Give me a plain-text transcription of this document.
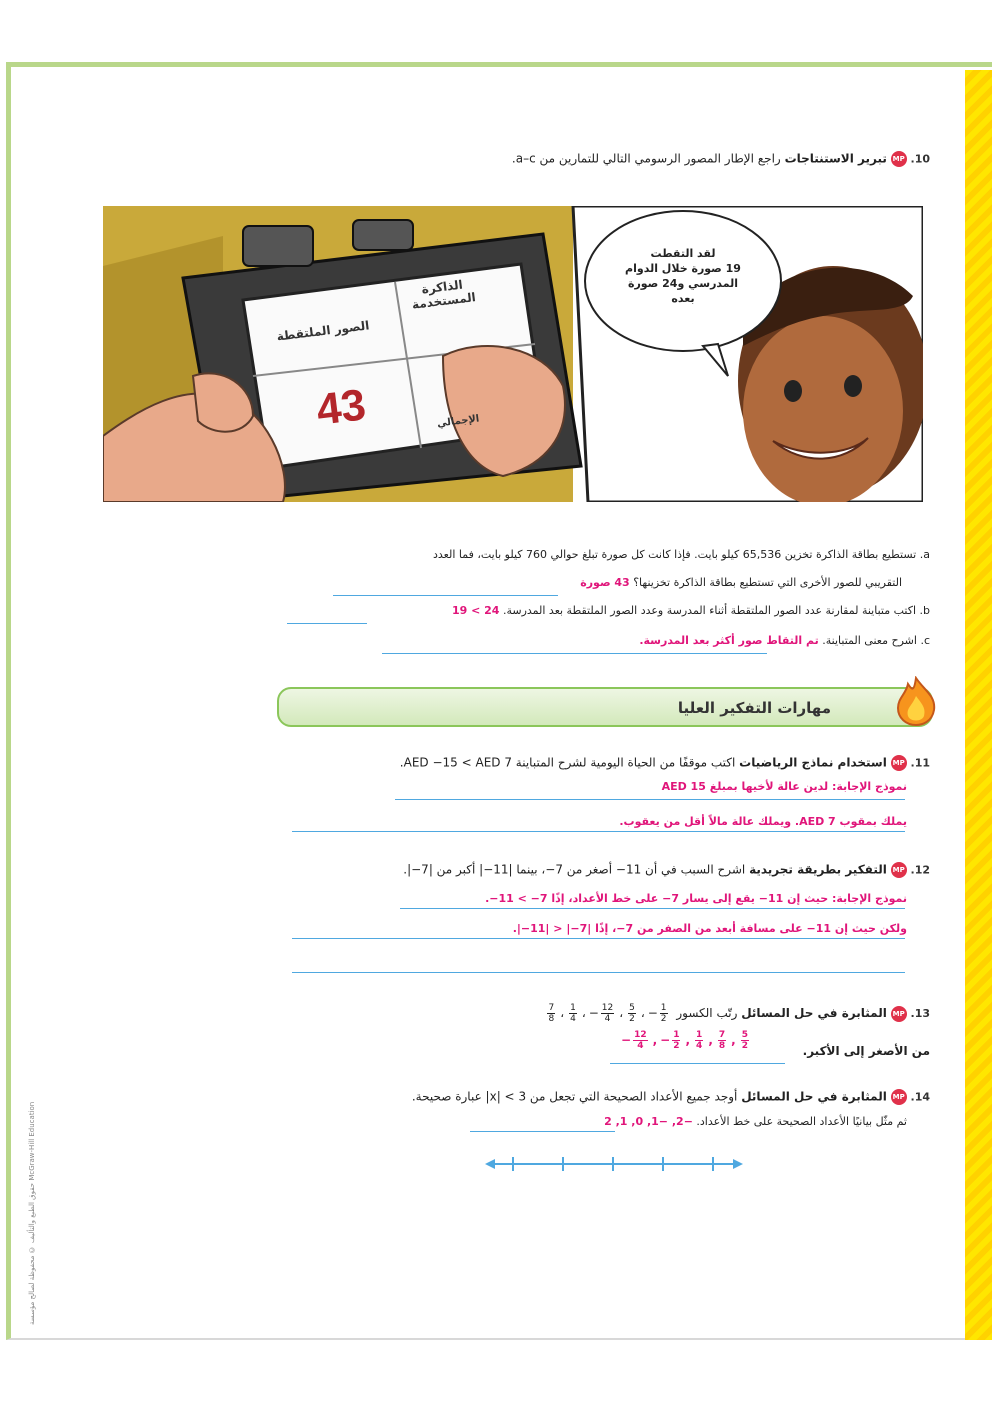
10. MP تبرير الاستنتاجات راجع الإطار المصور الرسومي التالي للتمارين من a–c.
43
الذاكرة المستخدمة
الصور الملتقطة
الإجمالي
لقد التقطت
19 صورة خلال الدوام
المدرسي و24 صورة
بعده
a. تستطيع بطاقة الذاكرة تخزين 65,536 كيلو بايت. فإذا كانت كل صورة تبلغ حوالي 760 كيلو بايت، فما العدد
التقريبي للصور الأخرى التي تستطيع بطاقة الذاكرة تخزينها؟ 43 صورة
b. اكتب متباينة لمقارنة عدد الصور الملتقطة أثناء المدرسة وعدد الصور الملتقطة بعد المدرسة. 24 > 19
c. اشرح معنى المتباينة. تم التقاط صور أكثر بعد المدرسة.
مهارات التفكير العليا
11. MP استخدام نماذج الرياضيات اكتب موقفًا من الحياة اليومية لشرح المتباينة AED −15 < AED 7.
نموذج الإجابة: لدين عالة لأخيها بمبلغ AED 15
يملك بمقوب AED 7. ويملك عالة مالاً أقل من يعقوب.
12. MP التفكير بطريقة تجريدية اشرح السبب في أن 11− أصغر من 7−، بينما |11−| أكبر من |7−|.
نموذج الإجابة: حيث إن 11− يقع إلى يسار 7− على خط الأعداد، إذًا 7− > 11−.
ولكن حيث إن 11− على مسافة أبعد من الصفر من 7−، إذًا |7−| < |11−|.
13. MP المثابرة في حل المسائل رتّب الكسور − $\frac{1}{2}$
،
$\frac{5}{2}$
،− $\frac{12}{4}$
،
$\frac{1}{4}$
،
$\frac{7}{8}$
من الأصغر إلى الأكبر.
− $\frac{12}{4}$ , − $\frac{1}{2}$ , $\frac{1}{4}$ , $\frac{7}{8}$ , $\frac{5}{2}$
14. MP المثابرة في حل المسائل أوجد جميع الأعداد الصحيحة التي تجعل من 3 > |x| عبارة صحيحة.
ثم مثّل بيانيًا الأعداد الصحيحة على خط الأعداد. −2, −1, 0, 1, 2
حقوق الطبع والتأليف © محفوظة لصالح مؤسسة McGraw-Hill Education
